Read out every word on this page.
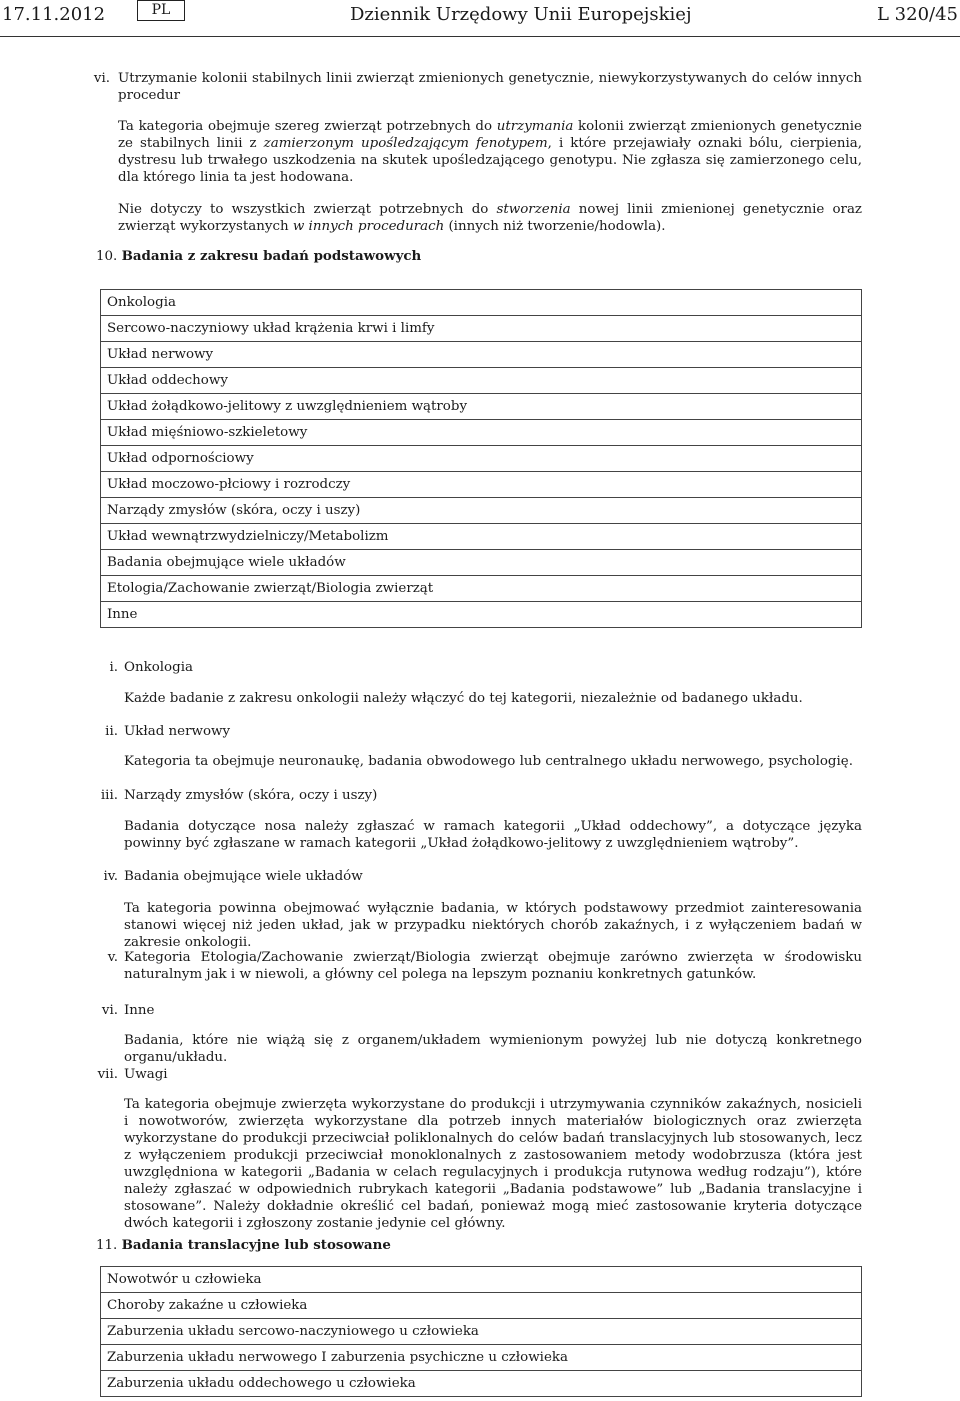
17.11.2012	PL	Dziennik Urzędowy Unii Europejskiej	L 320/45
vi. Utrzymanie kolonii stabilnych linii zwierząt zmienionych genetycznie, niewykorzystywanych do celów innych procedur

Ta kategoria obejmuje szereg zwierząt potrzebnych do utrzymania kolonii zwierząt zmienionych genetycznie ze stabilnych linii z zamierzonym upośledzającym fenotypem, i które przejawiały oznaki bólu, cierpienia, dystresu lub trwałego uszkodzenia na skutek upośledzającego genotypu. Nie zgłasza się zamierzonego celu, dla którego linia ta jest hodowana.

Nie dotyczy to wszystkich zwierząt potrzebnych do stworzenia nowej linii zmienionej genetycznie oraz zwierząt wykorzystanych w innych procedurach (innych niż tworzenie/hodowla).

10. Badania z zakresu badań podstawowych
Onkologia
Sercowo-naczyniowy układ krążenia krwi i limfy
Układ nerwowy
Układ oddechowy
Układ żołądkowo-jelitowy z uwzględnieniem wątroby
Układ mięśniowo-szkieletowy
Układ odpornościowy
Układ moczowo-płciowy i rozrodczy
Narządy zmysłów (skóra, oczy i uszy)
Układ wewnątrzwydzielniczy/Metabolizm
Badania obejmujące wiele układów
Etologia/Zachowanie zwierząt/Biologia zwierząt
Inne
i. Onkologia

Każde badanie z zakresu onkologii należy włączyć do tej kategorii, niezależnie od badanego układu.

ii. Układ nerwowy

Kategoria ta obejmuje neuronaukę, badania obwodowego lub centralnego układu nerwowego, psychologię.

iii. Narządy zmysłów (skóra, oczy i uszy)

Badania dotyczące nosa należy zgłaszać w ramach kategorii „Układ oddechowy”, a dotyczące języka powinny być zgłaszane w ramach kategorii „Układ żołądkowo-jelitowy z uwzględnieniem wątroby”.

iv. Badania obejmujące wiele układów

Ta kategoria powinna obejmować wyłącznie badania, w których podstawowy przedmiot zainteresowania stanowi więcej niż jeden układ, jak w przypadku niektórych chorób zakaźnych, i z wyłączeniem badań w zakresie onkologii.

v. Kategoria Etologia/Zachowanie zwierząt/Biologia zwierząt obejmuje zarówno zwierzęta w środowisku naturalnym jak i w niewoli, a główny cel polega na lepszym poznaniu konkretnych gatunków.

vi. Inne

Badania, które nie wiążą się z organem/układem wymienionym powyżej lub nie dotyczą konkretnego organu/układu.

vii. Uwagi

Ta kategoria obejmuje zwierzęta wykorzystane do produkcji i utrzymywania czynników zakaźnych, nosicieli i nowotworów, zwierzęta wykorzystane dla potrzeb innych materiałów biologicznych oraz zwierzęta wykorzystane do produkcji przeciwciał poliklonalnych do celów badań translacyjnych lub stosowanych, lecz z wyłączeniem produkcji przeciwciał monoklonalnych z zastosowaniem metody wodobrzusza (która jest uwzględniona w kategorii „Badania w celach regulacyjnych i produkcja rutynowa według rodzaju”), które należy zgłaszać w odpowiednich rubrykach kategorii „Badania podstawowe” lub „Badania translacyjne i stosowane”. Należy dokładnie określić cel badań, ponieważ mogą mieć zastosowanie kryteria dotyczące dwóch kategorii i zgłoszony zostanie jedynie cel główny.

11. Badania translacyjne lub stosowane
Nowotwór u człowieka
Choroby zakaźne u człowieka
Zaburzenia układu sercowo-naczyniowego u człowieka
Zaburzenia układu nerwowego I zaburzenia psychiczne u człowieka
Zaburzenia układu oddechowego u człowieka
